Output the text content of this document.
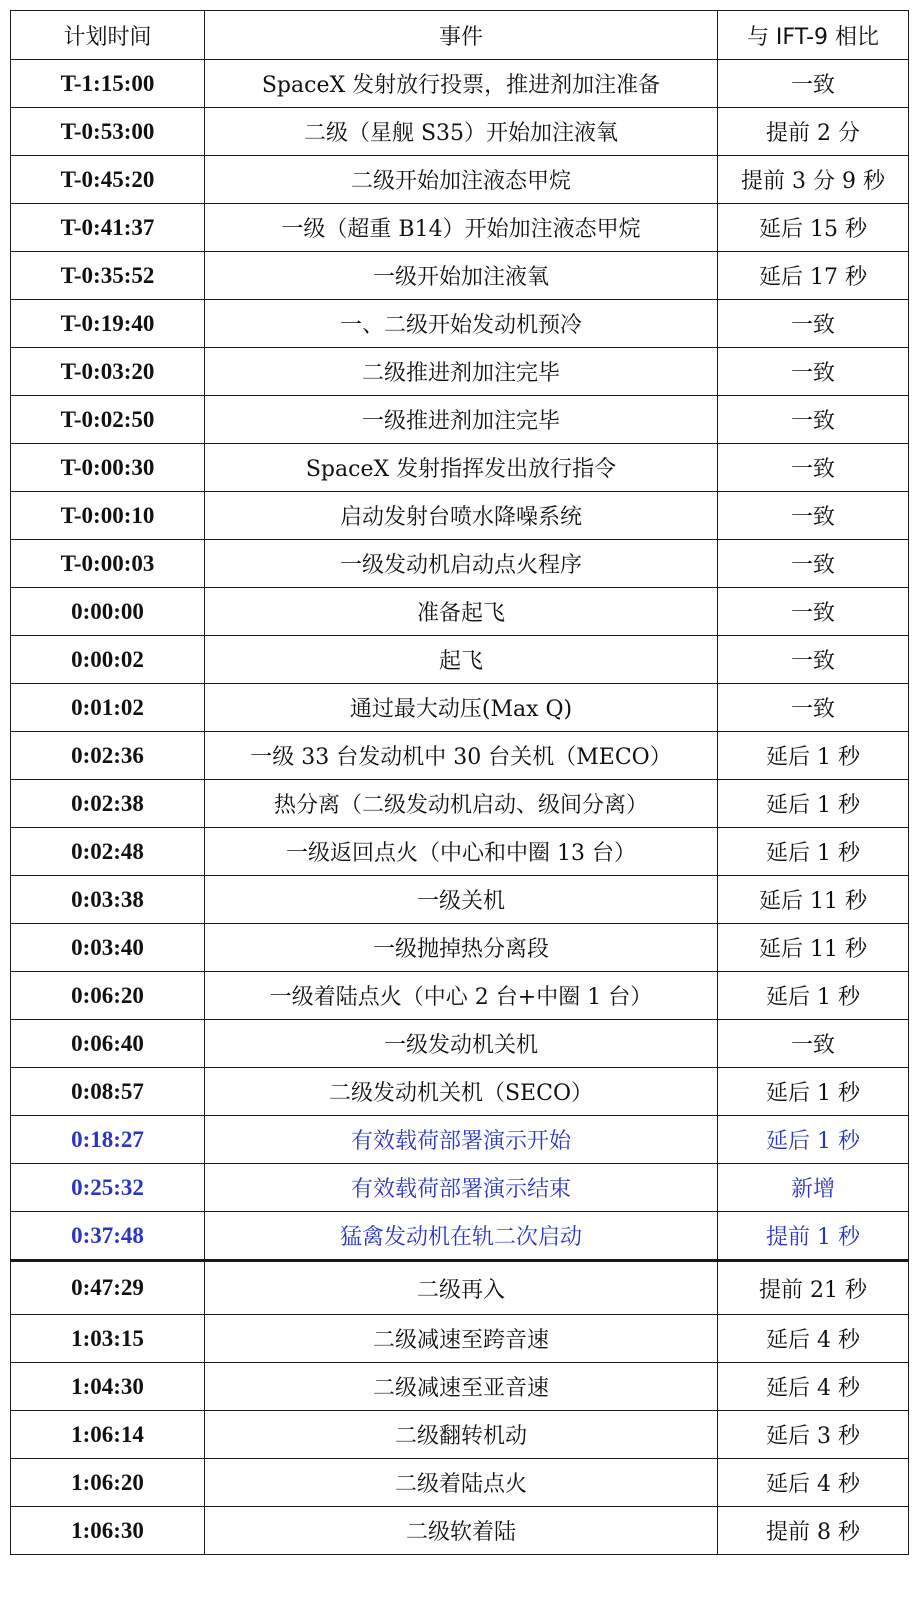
计划时间	事件	与 IFT-9 相比
T-1:15:00	SpaceX 发射放行投票，推进剂加注准备	一致
T-0:53:00	二级（星舰 S35）开始加注液氧	提前 2 分
T-0:45:20	二级开始加注液态甲烷	提前 3 分 9 秒
T-0:41:37	一级（超重 B14）开始加注液态甲烷	延后 15 秒
T-0:35:52	一级开始加注液氧	延后 17 秒
T-0:19:40	一、二级开始发动机预冷	一致
T-0:03:20	二级推进剂加注完毕	一致
T-0:02:50	一级推进剂加注完毕	一致
T-0:00:30	SpaceX 发射指挥发出放行指令	一致
T-0:00:10	启动发射台喷水降噪系统	一致
T-0:00:03	一级发动机启动点火程序	一致
0:00:00	准备起飞	一致
0:00:02	起飞	一致
0:01:02	通过最大动压(Max Q)	一致
0:02:36	一级 33 台发动机中 30 台关机（MECO）	延后 1 秒
0:02:38	热分离（二级发动机启动、级间分离）	延后 1 秒
0:02:48	一级返回点火（中心和中圈 13 台）	延后 1 秒
0:03:38	一级关机	延后 11 秒
0:03:40	一级抛掉热分离段	延后 11 秒
0:06:20	一级着陆点火（中心 2 台+中圈 1 台）	延后 1 秒
0:06:40	一级发动机关机	一致
0:08:57	二级发动机关机（SECO）	延后 1 秒
0:18:27	有效载荷部署演示开始	延后 1 秒
0:25:32	有效载荷部署演示结束	新增
0:37:48	猛禽发动机在轨二次启动	提前 1 秒
0:47:29	二级再入	提前 21 秒
1:03:15	二级减速至跨音速	延后 4 秒
1:04:30	二级减速至亚音速	延后 4 秒
1:06:14	二级翻转机动	延后 3 秒
1:06:20	二级着陆点火	延后 4 秒
1:06:30	二级软着陆	提前 8 秒
